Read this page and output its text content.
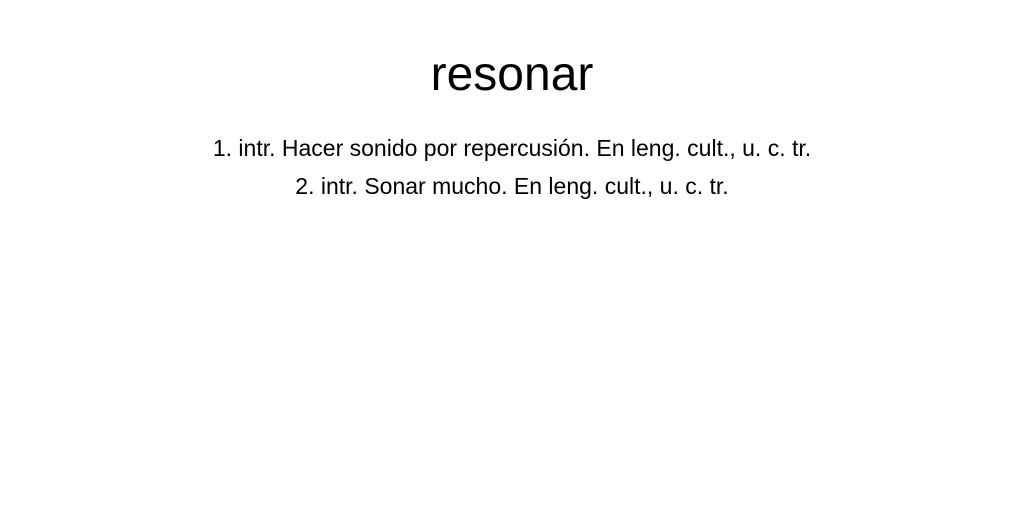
resonar
1. intr. Hacer sonido por repercusión. En leng. cult., u. c. tr.
2. intr. Sonar mucho. En leng. cult., u. c. tr.
